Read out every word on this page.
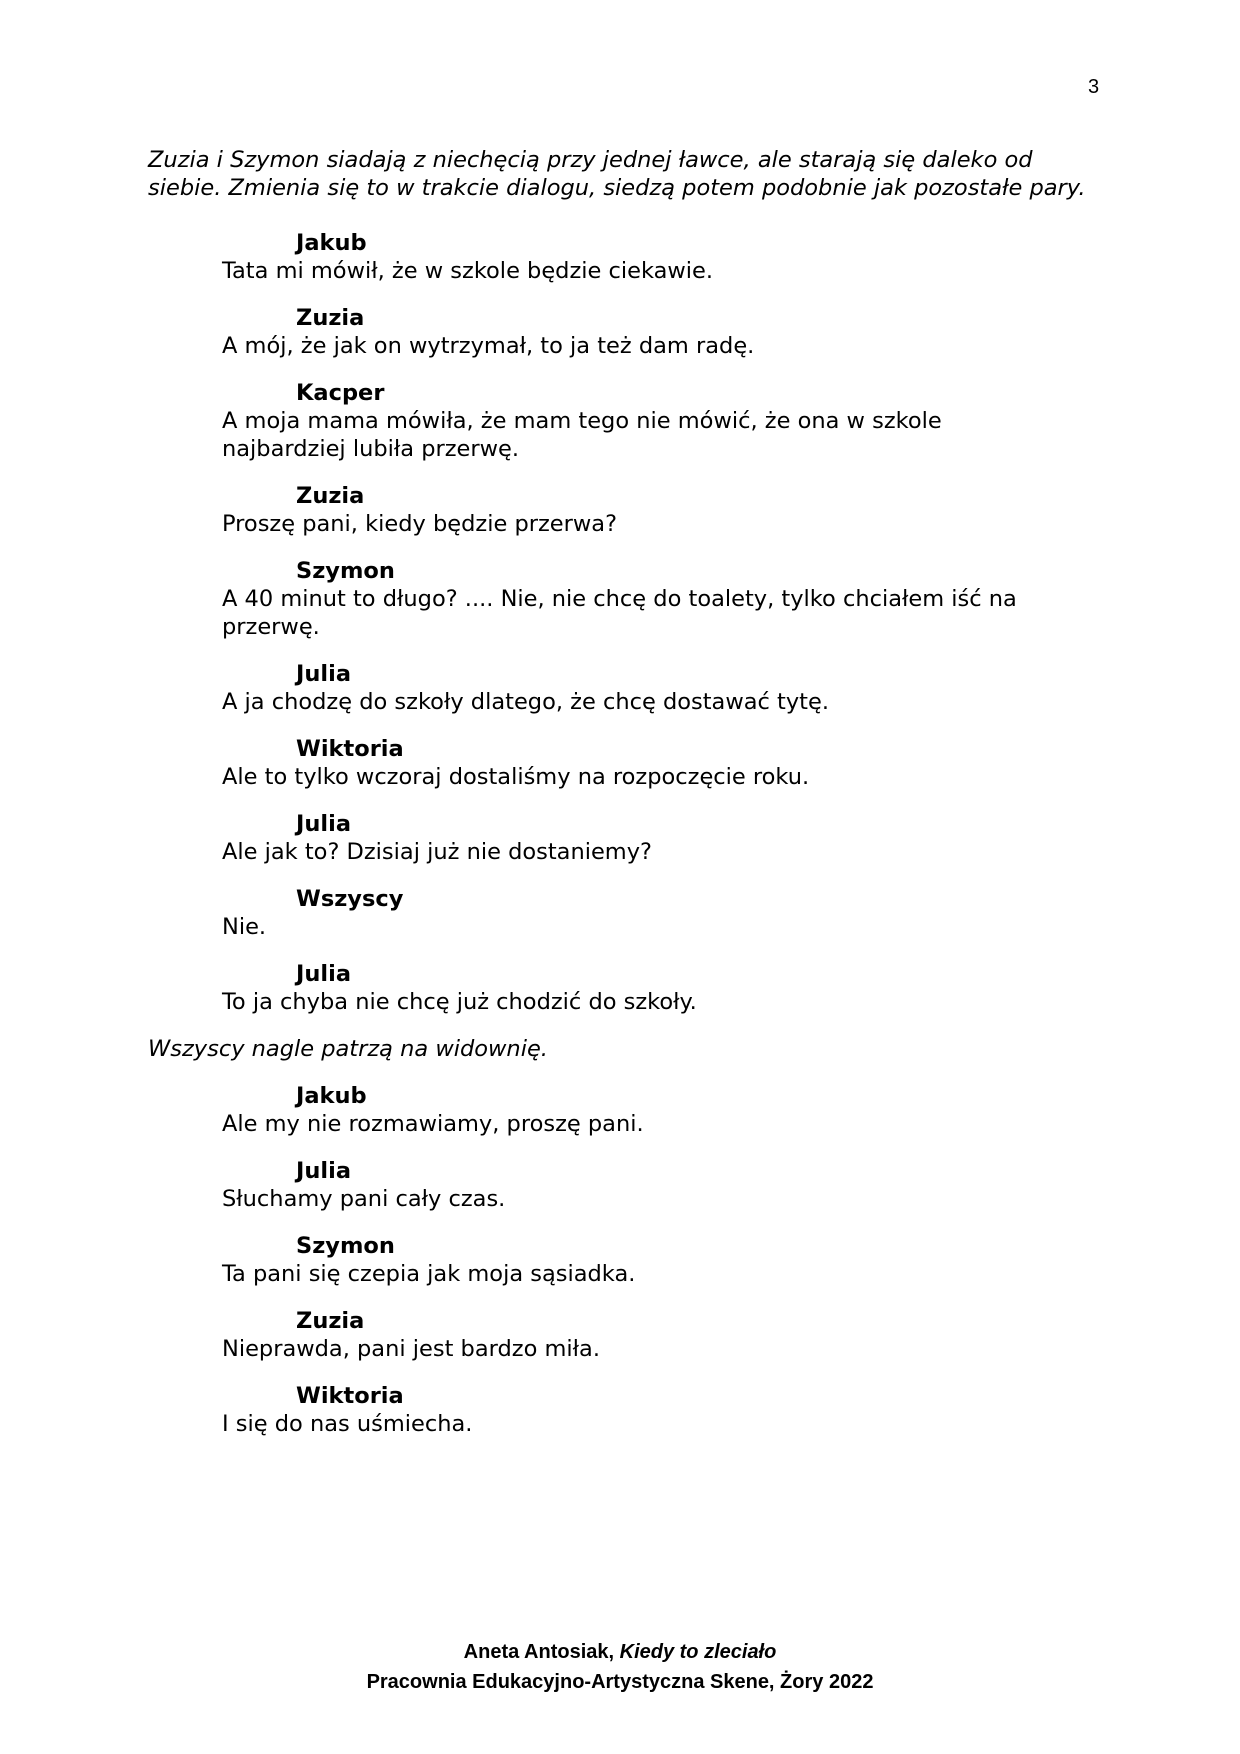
3

Zuzia i Szymon siadają z niechęcią przy jednej ławce, ale starają się daleko od siebie. Zmienia się to w trakcie dialogu, siedzą potem podobnie jak pozostałe pary.

Jakub
Tata mi mówił, że w szkole będzie ciekawie.
Zuzia
A mój, że jak on wytrzymał, to ja też dam radę.
Kacper
A moja mama mówiła, że mam tego nie mówić, że ona w szkole najbardziej lubiła przerwę.
Zuzia
Proszę pani, kiedy będzie przerwa?
Szymon
A 40 minut to długo? .... Nie, nie chcę do toalety, tylko chciałem iść na przerwę.
Julia
A ja chodzę do szkoły dlatego, że chcę dostawać tytę.
Wiktoria
Ale to tylko wczoraj dostaliśmy na rozpoczęcie roku.
Julia
Ale jak to? Dzisiaj już nie dostaniemy?
Wszyscy
Nie.
Julia
To ja chyba nie chcę już chodzić do szkoły.

Wszyscy nagle patrzą na widownię.

Jakub
Ale my nie rozmawiamy, proszę pani.
Julia
Słuchamy pani cały czas.
Szymon
Ta pani się czepia jak moja sąsiadka.
Zuzia
Nieprawda, pani jest bardzo miła.
Wiktoria
I się do nas uśmiecha.
Aneta Antosiak, Kiedy to zleciało
Pracownia Edukacyjno-Artystyczna Skene, Żory 2022
